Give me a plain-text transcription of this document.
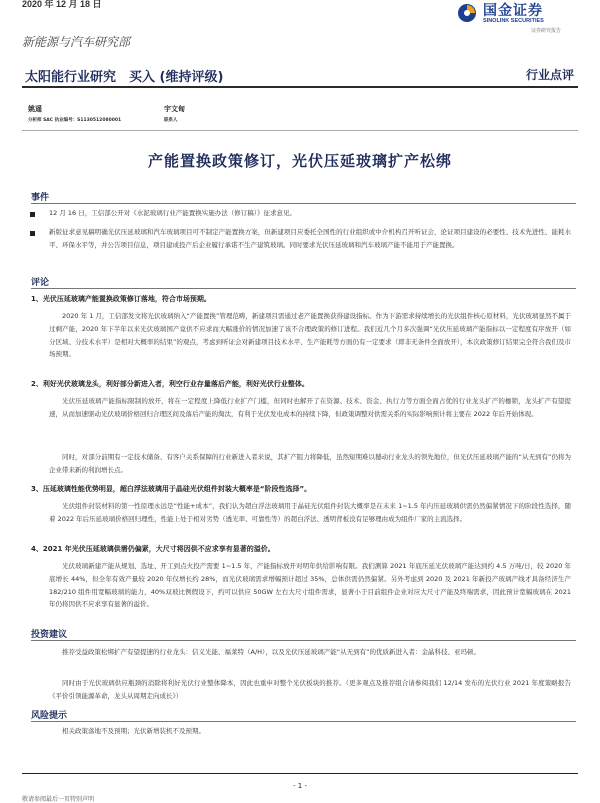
2020 年 12 月 18 日	国金证券
SINOLINK SECURITIES
证券研究报告
新能源与汽车研究部
太阳能行业研究　买入 (维持评级)	行业点评
姚遥
分析师 SAC 执业编号：S1130512080001
宇文甸
联系人
产能置换政策修订，光伏压延玻璃扩产松绑
事件
12 月 16 日，工信部公开对《水泥玻璃行业产能置换实施办法（修订稿）》征求意见。
新版征求意见稿明确光伏压延玻璃和汽车玻璃项目可不制定产能置换方案，但新建项目应委托全国性的行业组织或中介机构召开听证会，论证项目建设的必要性、技术先进性、能耗水平、环保水平等，并公告项目信息，项目建成投产后企业履行承诺不生产建筑玻璃。同时要求光伏压延玻璃和汽车玻璃产能不能用于产能置换。
评论
1、光伏压延玻璃产能置换政策修订落地，符合市场预期。
2020 年 1 月，工信部发文将光伏玻璃纳入“产能置换”管理范畴，新建项目需通过老产能置换获得建设指标。作为下游需求持续增长的光伏组件核心原材料，光伏玻璃显然不属于过剩产能，2020 年下半年以来光伏玻璃国产竟供不应求而大幅涨价的情况加速了该不合理政策的修订进程。我们近几个月多次强调“光伏压延玻璃产能指标以一定程度有序放开（如分区域、分技术水平）是相对大概率的结果”的观点，考虑到听证会对新建项目技术水平、生产能耗等方面仍有一定要求（即非无条件全面放开），本次政策修订结果完全符合我们及市场预期。
2、利好光伏玻璃龙头，利好部分新进入者，利空行业存量落后产能，利好光伏行业整体。
光伏压延玻璃产能指标限制的放开，将在一定程度上降低行业扩产门槛，但同时也解开了在资源、技术、资金、执行力等方面全面占优的行业龙头扩产的枷锁，龙头扩产有望提速，从而加速驱动光伏玻璃价格回归合理区间及落后产能的淘汰，有利于光伏发电成本的持续下降，但政策调整对供需关系的实际影响预计将主要在 2022 年后开始体现。
同时，对部分前期有一定技术储备、有客户关系保障的行业新进入者来说，其扩产阻力将降低，虽然短期难以撼动行业龙头的领先地位，但光伏压延玻璃产能的“从无到有”仍将为企业带来新的利润增长点。
3、压延玻璃性能优势明显，超白浮法玻璃用于晶硅光伏组件封装大概率是“阶段性选择”。
光伏组件封装材料的第一性原理永远是“性能+成本”，我们认为超白浮法玻璃用于晶硅光伏组件封装大概率是在未来 1~1.5 年内压延玻璃供需仍然偏紧情况下的阶段性选择，随着 2022 年后压延玻璃价格回归理性，性能上处于相对劣势（透光率、可靠性等）的超白浮法、透明背板没有足够理由成为组件厂家的主流选择。
4、2021 年光伏压延玻璃供需仍偏紧，大尺寸将因供不应求享有显著的溢价。
光伏玻璃新建产能从规划、选址、开工到点火投产需要 1~1.5 年，产能指标放开对明年供给影响有限。我们测算 2021 年底压延光伏玻璃产能达到约 4.5 万吨/日，较 2020 年底增长 44%，但全年有效产量较 2020 年仅增长约 28%，而光伏玻璃需求增幅预计超过 35%，总体供需仍然偏紧。另外考虑到 2020 及 2021 年新投产玻璃产线才具备经济生产 182/210 组件用宽幅玻璃的能力，40%双玻比例假设下，约可以供应 50GW 左右大尺寸组件需求，显著小于目前组件企业对应大尺寸产能及终端需求，因此预计宽幅玻璃在 2021 年仍将因供不应求享有显著的溢价。
投资建议
推荐受益政策松绑扩产有望提速的行业龙头：信义光能、福莱特（A/H），以及光伏压延玻璃产能“从无到有”的优质新进入者：金晶科技、亚玛顿。
同时由于光伏玻璃供应瓶颈的消除将利好光伏行业整体降本，因此也重申对整个光伏板块的推荐。（更多观点及推荐组合请参阅我们 12/14 发布的光伏行业 2021 年度策略报告《平价引领能源革命，龙头从周期走向成长》）
风险提示
相关政策落地不及预期；光伏新增装机不及预期。
- 1 -
敬请参阅最后一页特别声明
